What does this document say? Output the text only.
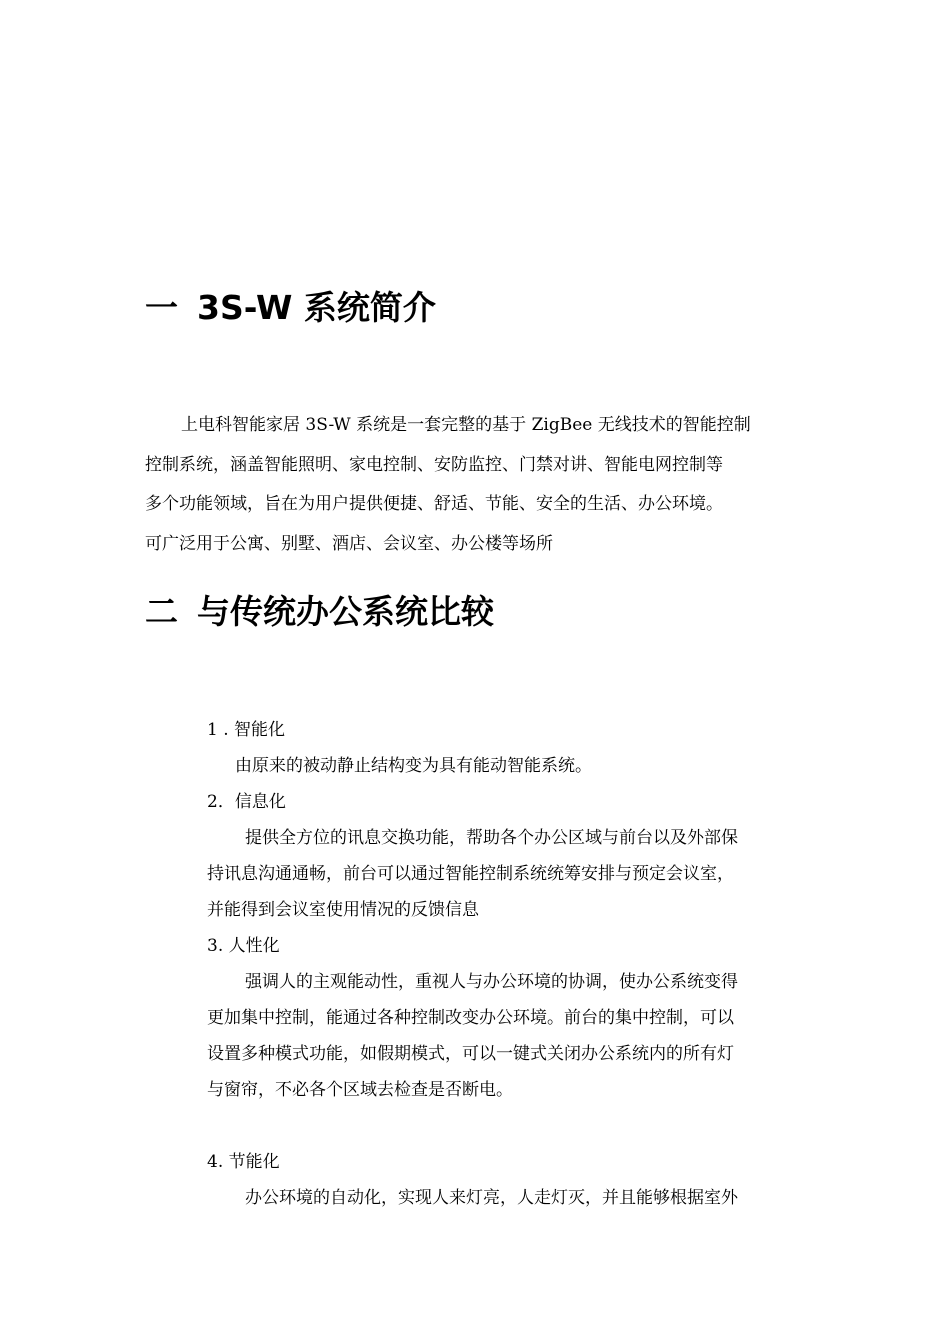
一 3S-W 系统简介
上电科智能家居 3S-W 系统是一套完整的基于 ZigBee 无线技术的智能控制
控制系统，涵盖智能照明、家电控制、安防监控、门禁对讲、智能电网控制等
多个功能领域，旨在为用户提供便捷、舒适、节能、安全的生活、办公环境。
可广泛用于公寓、别墅、酒店、会议室、办公楼等场所
二 与传统办公系统比较
1 . 智能化
由原来的被动静止结构变为具有能动智能系统。
2．信息化
提供全方位的讯息交换功能，帮助各个办公区域与前台以及外部保
持讯息沟通通畅，前台可以通过智能控制系统统筹安排与预定会议室，
并能得到会议室使用情况的反馈信息
3. 人性化
强调人的主观能动性，重视人与办公环境的协调，使办公系统变得
更加集中控制，能通过各种控制改变办公环境。前台的集中控制，可以
设置多种模式功能，如假期模式，可以一键式关闭办公系统内的所有灯
与窗帘，不必各个区域去检查是否断电。
4. 节能化
办公环境的自动化，实现人来灯亮，人走灯灭，并且能够根据室外
